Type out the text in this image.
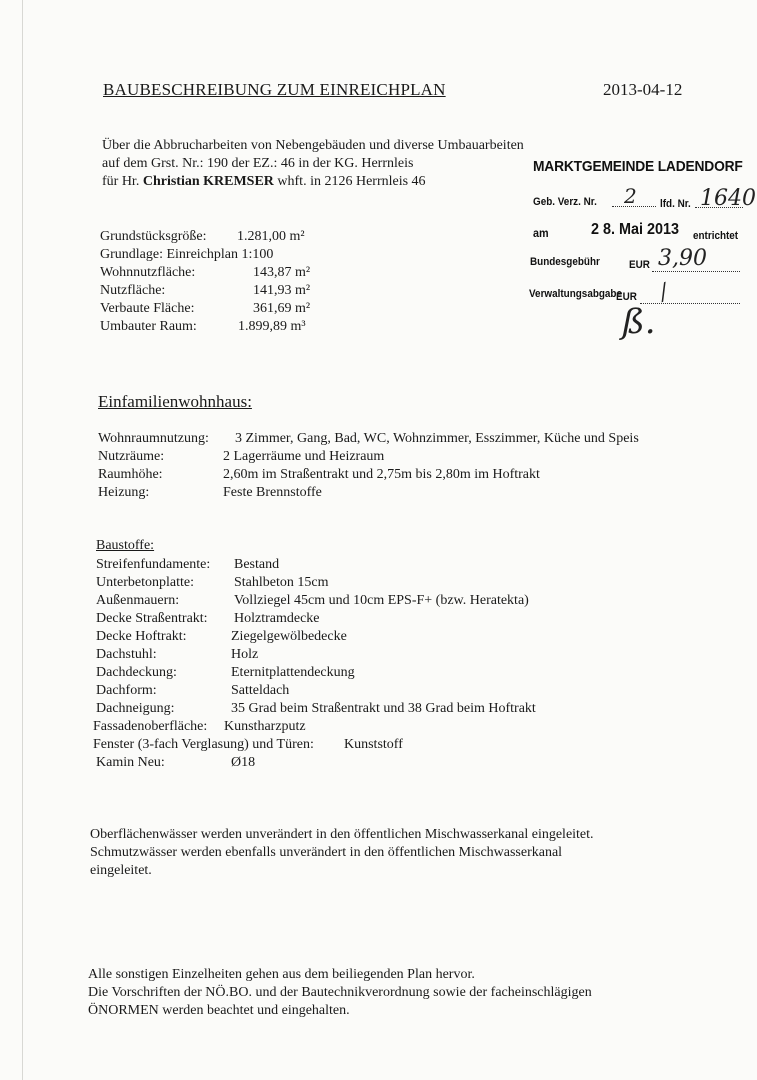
BAUBESCHREIBUNG ZUM EINREICHPLAN	2013-04-12
Über die Abbrucharbeiten von Nebengebäuden und diverse Umbauarbeiten
auf dem Grst. Nr.: 190 der EZ.: 46 in der KG. Herrnleis
für Hr. Christian KREMSER whft. in 2126 Herrnleis 46
MARKTGEMEINDE LADENDORF
Geb. Verz. Nr. 2 lfd. Nr. 1640
am	2 8. Mai 2013 entrichtet
Bundesgebühr	EUR 3,90
Verwaltungsabgabe
EUR /
ß.
Grundstücksgröße: 1.281,00 m²
Grundlage: Einreichplan 1:100
Wohnnutzfläche:	143,87 m²
Nutzfläche:	141,93 m²
Verbaute Fläche:	361,69 m²
Umbauter Raum:	1.899,89 m³
Einfamilienwohnhaus:
Wohnraumnutzung: 3 Zimmer, Gang, Bad, WC, Wohnzimmer, Esszimmer, Küche und Speis
Nutzräume:	2 Lagerräume und Heizraum
Raumhöhe:	2,60m im Straßentrakt und 2,75m bis 2,80m im Hoftrakt
Heizung:	Feste Brennstoffe
Baustoffe:
Streifenfundamente: Bestand
Unterbetonplatte:	Stahlbeton 15cm
Außenmauern:	Vollziegel 45cm und 10cm EPS-F+ (bzw. Heratekta)
Decke Straßentrakt: Holztramdecke
Decke Hoftrakt:	Ziegelgewölbedecke
Dachstuhl:	Holz
Dachdeckung:	Eternitplattendeckung
Dachform:	Satteldach
Dachneigung:	35 Grad beim Straßentrakt und 38 Grad beim Hoftrakt
Fassadenoberfläche: Kunstharzputz
Fenster (3-fach Verglasung) und Türen: Kunststoff
Kamin Neu:	Ø18
Oberflächenwässer werden unverändert in den öffentlichen Mischwasserkanal eingeleitet.
Schmutzwässer werden ebenfalls unverändert in den öffentlichen Mischwasserkanal
eingeleitet.
Alle sonstigen Einzelheiten gehen aus dem beiliegenden Plan hervor.
Die Vorschriften der NÖ.BO. und der Bautechnikverordnung sowie der facheinschlägigen
ÖNORMEN werden beachtet und eingehalten.
